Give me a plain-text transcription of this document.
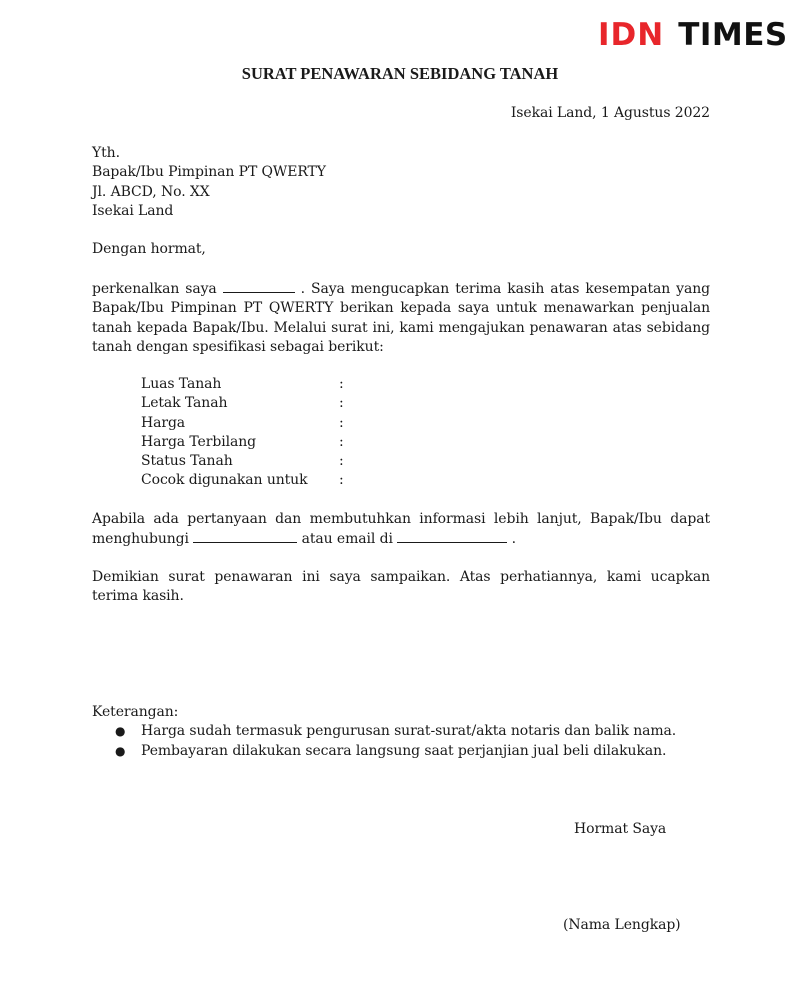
IDN TIMES
SURAT PENAWARAN SEBIDANG TANAH
Isekai Land, 1 Agustus 2022
Yth.
Bapak/Ibu Pimpinan PT QWERTY
Jl. ABCD, No. XX
Isekai Land
Dengan hormat,
perkenalkan saya	. Saya mengucapkan terima kasih atas kesempatan yang Bapak/Ibu Pimpinan PT QWERTY berikan kepada saya untuk menawarkan penjualan tanah kepada Bapak/Ibu. Melalui surat ini, kami mengajukan penawaran atas sebidang tanah dengan spesifikasi sebagai berikut:
Luas Tanah	:
Letak Tanah	:
Harga	:
Harga Terbilang	:
Status Tanah	:
Cocok digunakan untuk	:
Apabila ada pertanyaan dan membutuhkan informasi lebih lanjut, Bapak/Ibu dapat menghubungi	atau email di	.
Demikian surat penawaran ini saya sampaikan. Atas perhatiannya, kami ucapkan terima kasih.
Keterangan:
●	Harga sudah termasuk pengurusan surat-surat/akta notaris dan balik nama.
●	Pembayaran dilakukan secara langsung saat perjanjian jual beli dilakukan.
Hormat Saya
(Nama Lengkap)
